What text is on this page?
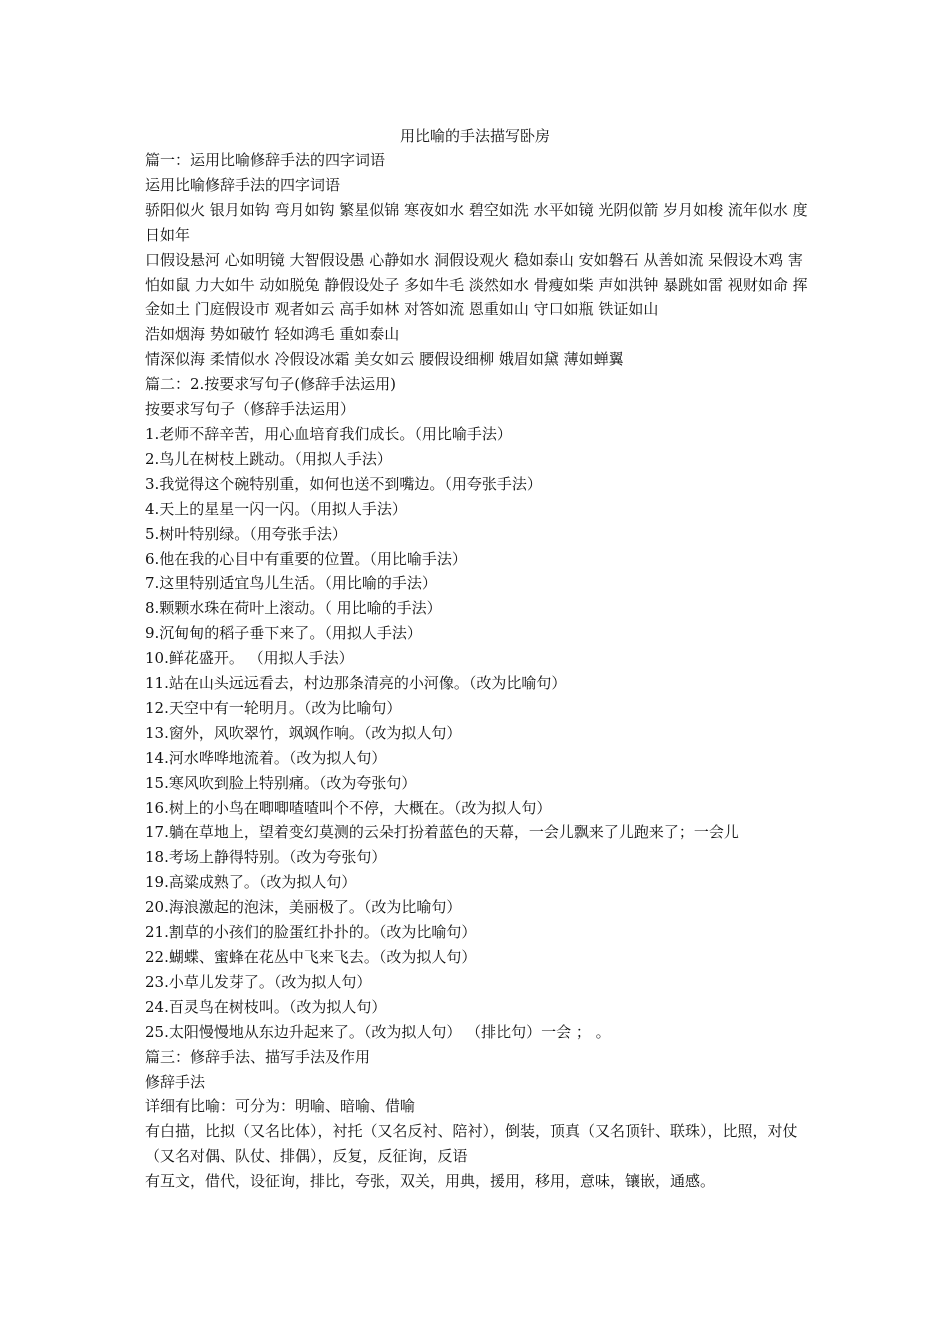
用比喻的手法描写卧房
篇一：运用比喻修辞手法的四字词语
运用比喻修辞手法的四字词语
骄阳似火 银月如钩 弯月如钩 繁星似锦 寒夜如水 碧空如洗 水平如镜 光阴似箭 岁月如梭 流年似水 度日如年
口假设悬河 心如明镜 大智假设愚 心静如水 洞假设观火 稳如泰山 安如磐石 从善如流 呆假设木鸡 害怕如鼠 力大如牛 动如脱兔 静假设处子 多如牛毛 淡然如水 骨瘦如柴 声如洪钟 暴跳如雷 视财如命 挥金如土 门庭假设市 观者如云 高手如林 对答如流 恩重如山 守口如瓶 铁证如山
浩如烟海 势如破竹 轻如鸿毛 重如泰山
情深似海 柔情似水 冷假设冰霜 美女如云 腰假设细柳 娥眉如黛 薄如蝉翼
篇二：2.按要求写句子(修辞手法运用)
按要求写句子（修辞手法运用）
1.老师不辞辛苦，用心血培育我们成长。（用比喻手法）
2.鸟儿在树枝上跳动。（用拟人手法）
3.我觉得这个碗特别重，如何也送不到嘴边。（用夸张手法）
4.天上的星星一闪一闪。（用拟人手法）
5.树叶特别绿。（用夸张手法）
6.他在我的心目中有重要的位置。（用比喻手法）
7.这里特别适宜鸟儿生活。（用比喻的手法）
8.颗颗水珠在荷叶上滚动。（ 用比喻的手法）
9.沉甸甸的稻子垂下来了。（用拟人手法）
10.鲜花盛开。 （用拟人手法）
11.站在山头远远看去，村边那条清亮的小河像。（改为比喻句）
12.天空中有一轮明月。（改为比喻句）
13.窗外，风吹翠竹，飒飒作响。（改为拟人句）
14.河水哗哗地流着。（改为拟人句）
15.寒风吹到脸上特别痛。（改为夸张句）
16.树上的小鸟在唧唧喳喳叫个不停，大概在。（改为拟人句）
17.躺在草地上，望着变幻莫测的云朵打扮着蓝色的天幕，一会儿飘来了儿跑来了；一会儿
18.考场上静得特别。（改为夸张句）
19.高粱成熟了。（改为拟人句）
20.海浪激起的泡沫，美丽极了。（改为比喻句）
21.割草的小孩们的脸蛋红扑扑的。（改为比喻句）
22.蝴蝶、蜜蜂在花丛中飞来飞去。（改为拟人句）
23.小草儿发芽了。（改为拟人句）
24.百灵鸟在树枝叫。（改为拟人句）
25.太阳慢慢地从东边升起来了。（改为拟人句） （排比句）一会 ； 。
篇三：修辞手法、描写手法及作用
修辞手法
详细有比喻：可分为：明喻、暗喻、借喻
有白描，比拟（又名比体），衬托（又名反衬、陪衬），倒装，顶真（又名顶针、联珠），比照，对仗（又名对偶、队仗、排偶），反复，反征询，反语
有互文，借代，设征询，排比，夸张，双关，用典，援用，移用，意味，镶嵌，通感。
